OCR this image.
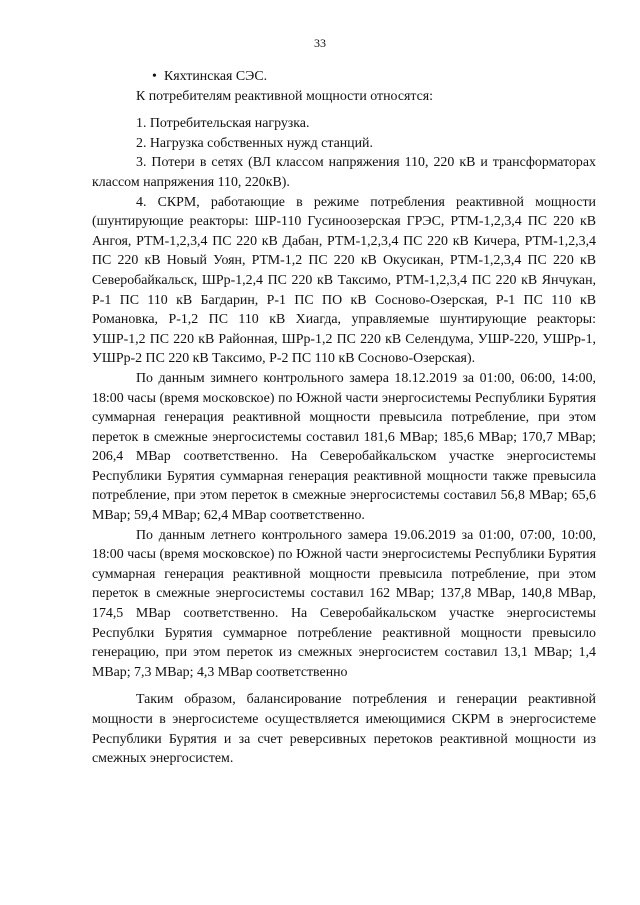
33
• Кяхтинская СЭС.
К потребителям реактивной мощности относятся:
1. Потребительская нагрузка.
2. Нагрузка собственных нужд станций.
3. Потери в сетях (ВЛ классом напряжения 110, 220 кВ и трансформаторах классом напряжения 110, 220кВ).
4. СКРМ, работающие в режиме потребления реактивной мощности (шунтирующие реакторы: ШР-110 Гусиноозерская ГРЭС, РТМ-1,2,3,4 ПС 220 кВ Ангоя, РТМ-1,2,3,4 ПС 220 кВ Дабан, РТМ-1,2,3,4 ПС 220 кВ Кичера, РТМ-1,2,3,4 ПС 220 кВ Новый Уоян, РТМ-1,2 ПС 220 кВ Окусикан, РТМ-1,2,3,4 ПС 220 кВ Северобайкальск, ШРр-1,2,4 ПС 220 кВ Таксимо, РТМ-1,2,3,4 ПС 220 кВ Янчукан, Р-1 ПС 110 кВ Багдарин, Р-1 ПС ПО кВ Сосново-Озерская, Р-1 ПС 110 кВ Романовка, Р-1,2 ПС 110 кВ Хиагда, управляемые шунтирующие реакторы: УШР-1,2 ПС 220 кВ Районная, ШРр-1,2 ПС 220 кВ Селендума, УШР-220, УШРр-1, УШРр-2 ПС 220 кВ Таксимо, Р-2 ПС 110 кВ Сосново-Озерская).
По данным зимнего контрольного замера 18.12.2019 за 01:00, 06:00, 14:00, 18:00 часы (время московское) по Южной части энергосистемы Республики Бурятия суммарная генерация реактивной мощности превысила потребление, при этом переток в смежные энергосистемы составил 181,6 МВар; 185,6 МВар; 170,7 МВар; 206,4 МВар соответственно. На Северобайкальском участке энергосистемы Республики Бурятия суммарная генерация реактивной мощности также превысила потребление, при этом переток в смежные энергосистемы составил 56,8 МВар; 65,6 МВар; 59,4 МВар; 62,4 МВар соответственно.
По данным летнего контрольного замера 19.06.2019 за 01:00, 07:00, 10:00, 18:00 часы (время московское) по Южной части энергосистемы Республики Бурятия суммарная генерация реактивной мощности превысила потребление, при этом переток в смежные энергосистемы составил 162 МВар; 137,8 МВар, 140,8 МВар, 174,5 МВар соответственно. На Северобайкальском участке энергосистемы Республки Бурятия суммарное потребление реактивной мощности превысило генерацию, при этом переток из смежных энергосистем составил 13,1 МВар; 1,4 МВар; 7,3 МВар; 4,3 МВар соответственно
Таким образом, балансирование потребления и генерации реактивной мощности в энергосистеме осуществляется имеющимися СКРМ в энергосистеме Республики Бурятия и за счет реверсивных перетоков реактивной мощности из смежных энергосистем.
